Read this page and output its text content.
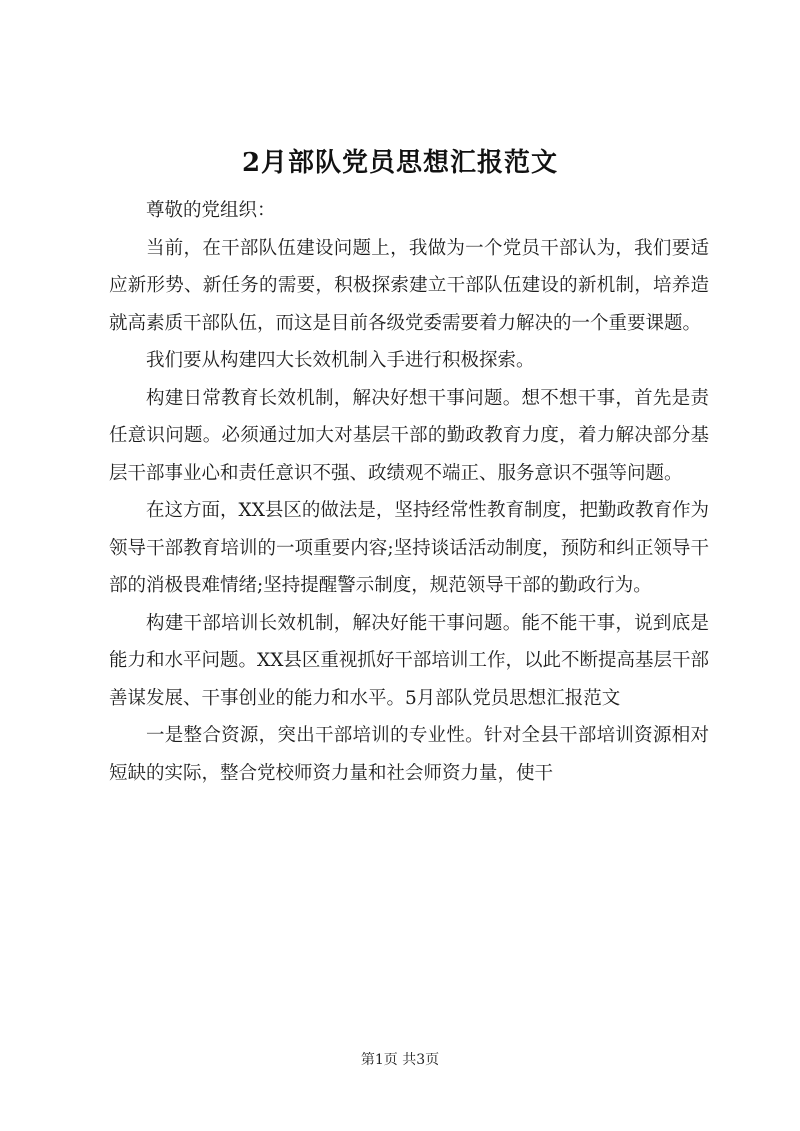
2月部队党员思想汇报范文

尊敬的党组织：

当前，在干部队伍建设问题上，我做为一个党员干部认为，我们要适应新形势、新任务的需要，积极探索建立干部队伍建设的新机制，培养造就高素质干部队伍，而这是目前各级党委需要着力解决的一个重要课题。

我们要从构建四大长效机制入手进行积极探索。

构建日常教育长效机制，解决好想干事问题。想不想干事，首先是责任意识问题。必须通过加大对基层干部的勤政教育力度，着力解决部分基层干部事业心和责任意识不强、政绩观不端正、服务意识不强等问题。

在这方面，XX县区的做法是，坚持经常性教育制度，把勤政教育作为领导干部教育培训的一项重要内容;坚持谈话活动制度，预防和纠正领导干部的消极畏难情绪;坚持提醒警示制度，规范领导干部的勤政行为。

构建干部培训长效机制，解决好能干事问题。能不能干事，说到底是能力和水平问题。XX县区重视抓好干部培训工作，以此不断提高基层干部善谋发展、干事创业的能力和水平。5月部队党员思想汇报范文

一是整合资源，突出干部培训的专业性。针对全县干部培训资源相对短缺的实际，整合党校师资力量和社会师资力量，使干

第1页 共3页
